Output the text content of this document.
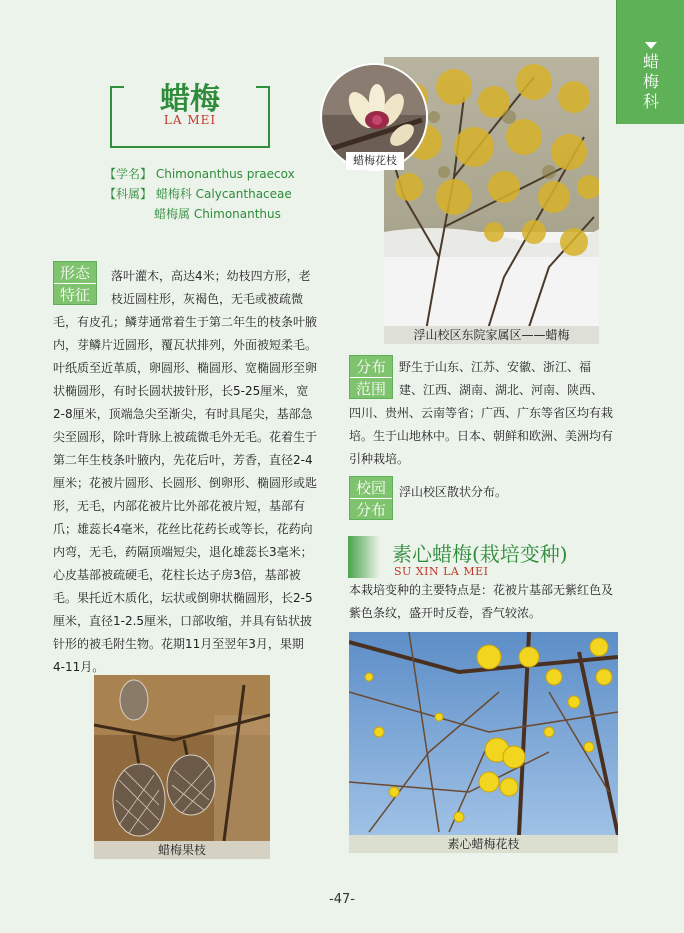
蜡梅科
蜡梅
LA MEI
【学名】 Chimonanthus praecox
【科属】 蜡梅科 Calycanthaceae
蜡梅属 Chimonanthus
形态
特征
落叶灌木，高达4米；幼枝四方形，老
枝近圆柱形，灰褐色，无毛或被疏微
毛，有皮孔；鳞芽通常着生于第二年生的枝条叶腋
内，芽鳞片近圆形，覆瓦状排列，外面被短柔毛。
叶纸质至近革质，卵圆形、椭圆形、宽椭圆形至卵
状椭圆形，有时长圆状披针形，长5-25厘米，宽
2-8厘米，顶端急尖至渐尖，有时具尾尖，基部急
尖至圆形，除叶背脉上被疏微毛外无毛。花着生于
第二年生枝条叶腋内，先花后叶，芳香，直径2-4
厘米；花被片圆形、长圆形、倒卵形、椭圆形或匙
形，无毛，内部花被片比外部花被片短，基部有
爪；雄蕊长4毫米，花丝比花药长或等长，花药向
内弯，无毛，药隔顶端短尖，退化雄蕊长3毫米；
心皮基部被疏硬毛，花柱长达子房3倍，基部被
毛。果托近木质化，坛状或倒卵状椭圆形，长2-5
厘米，直径1-2.5厘米，口部收缩，并具有钻状披
针形的被毛附生物。花期11月至翌年3月，果期
4-11月。
浮山校区东院家属区——蜡梅
蜡梅花枝
分布
范围
野生于山东、江苏、安徽、浙江、福
建、江西、湖南、湖北、河南、陕西、
四川、贵州、云南等省；广西、广东等省区均有栽
培。生于山地林中。日本、朝鲜和欧洲、美洲均有
引种栽培。
校园
分布
浮山校区散状分布。
素心蜡梅(栽培变种)
SU XIN LA MEI
本栽培变种的主要特点是：花被片基部无紫红色及
紫色条纹，盛开时反卷，香气较浓。
素心蜡梅花枝
蜡梅果枝
-47-
